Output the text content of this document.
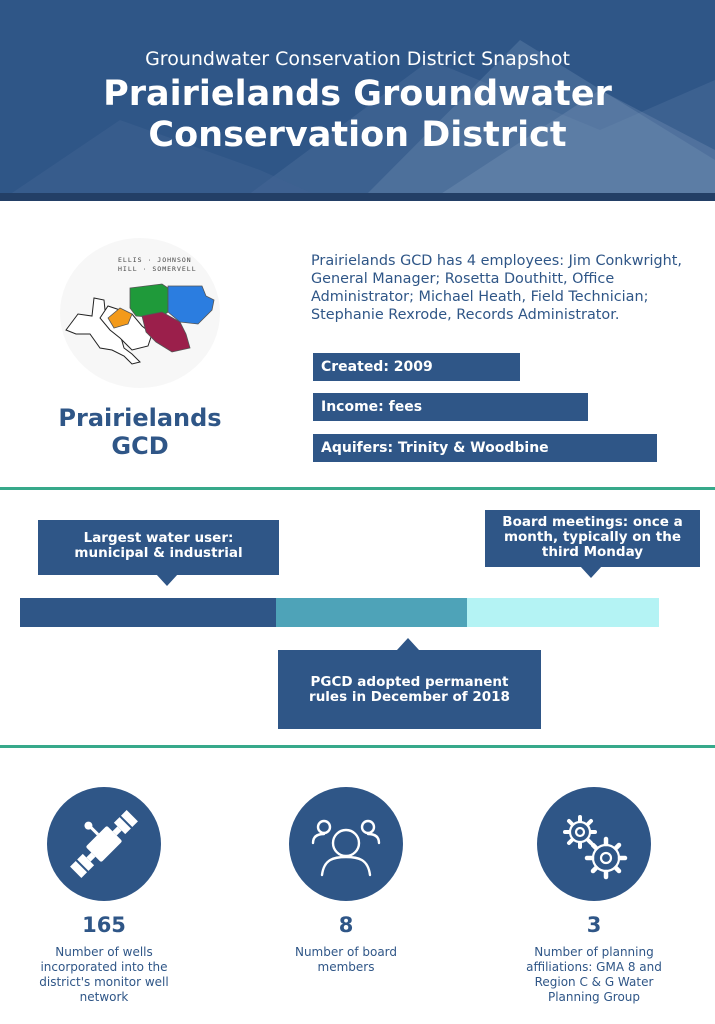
Groundwater Conservation District Snapshot
Prairielands Groundwater
Conservation District
ELLIS · JOHNSON
HILL · SOMERVELL
Prairielands
GCD
Prairielands GCD has 4 employees: Jim Conkwright, General Manager; Rosetta Douthitt, Office Administrator; Michael Heath, Field Technician; Stephanie Rexrode, Records Administrator.
Created: 2009
Income: fees
Aquifers: Trinity & Woodbine
Largest water user:
municipal & industrial
Board meetings: once a
month, typically on the
third Monday
PGCD adopted permanent
rules in December of 2018
165
Number of wells
incorporated into the
district's monitor well
network
8
Number of board
members
3
Number of planning
affiliations: GMA 8 and
Region C & G Water
Planning Group
